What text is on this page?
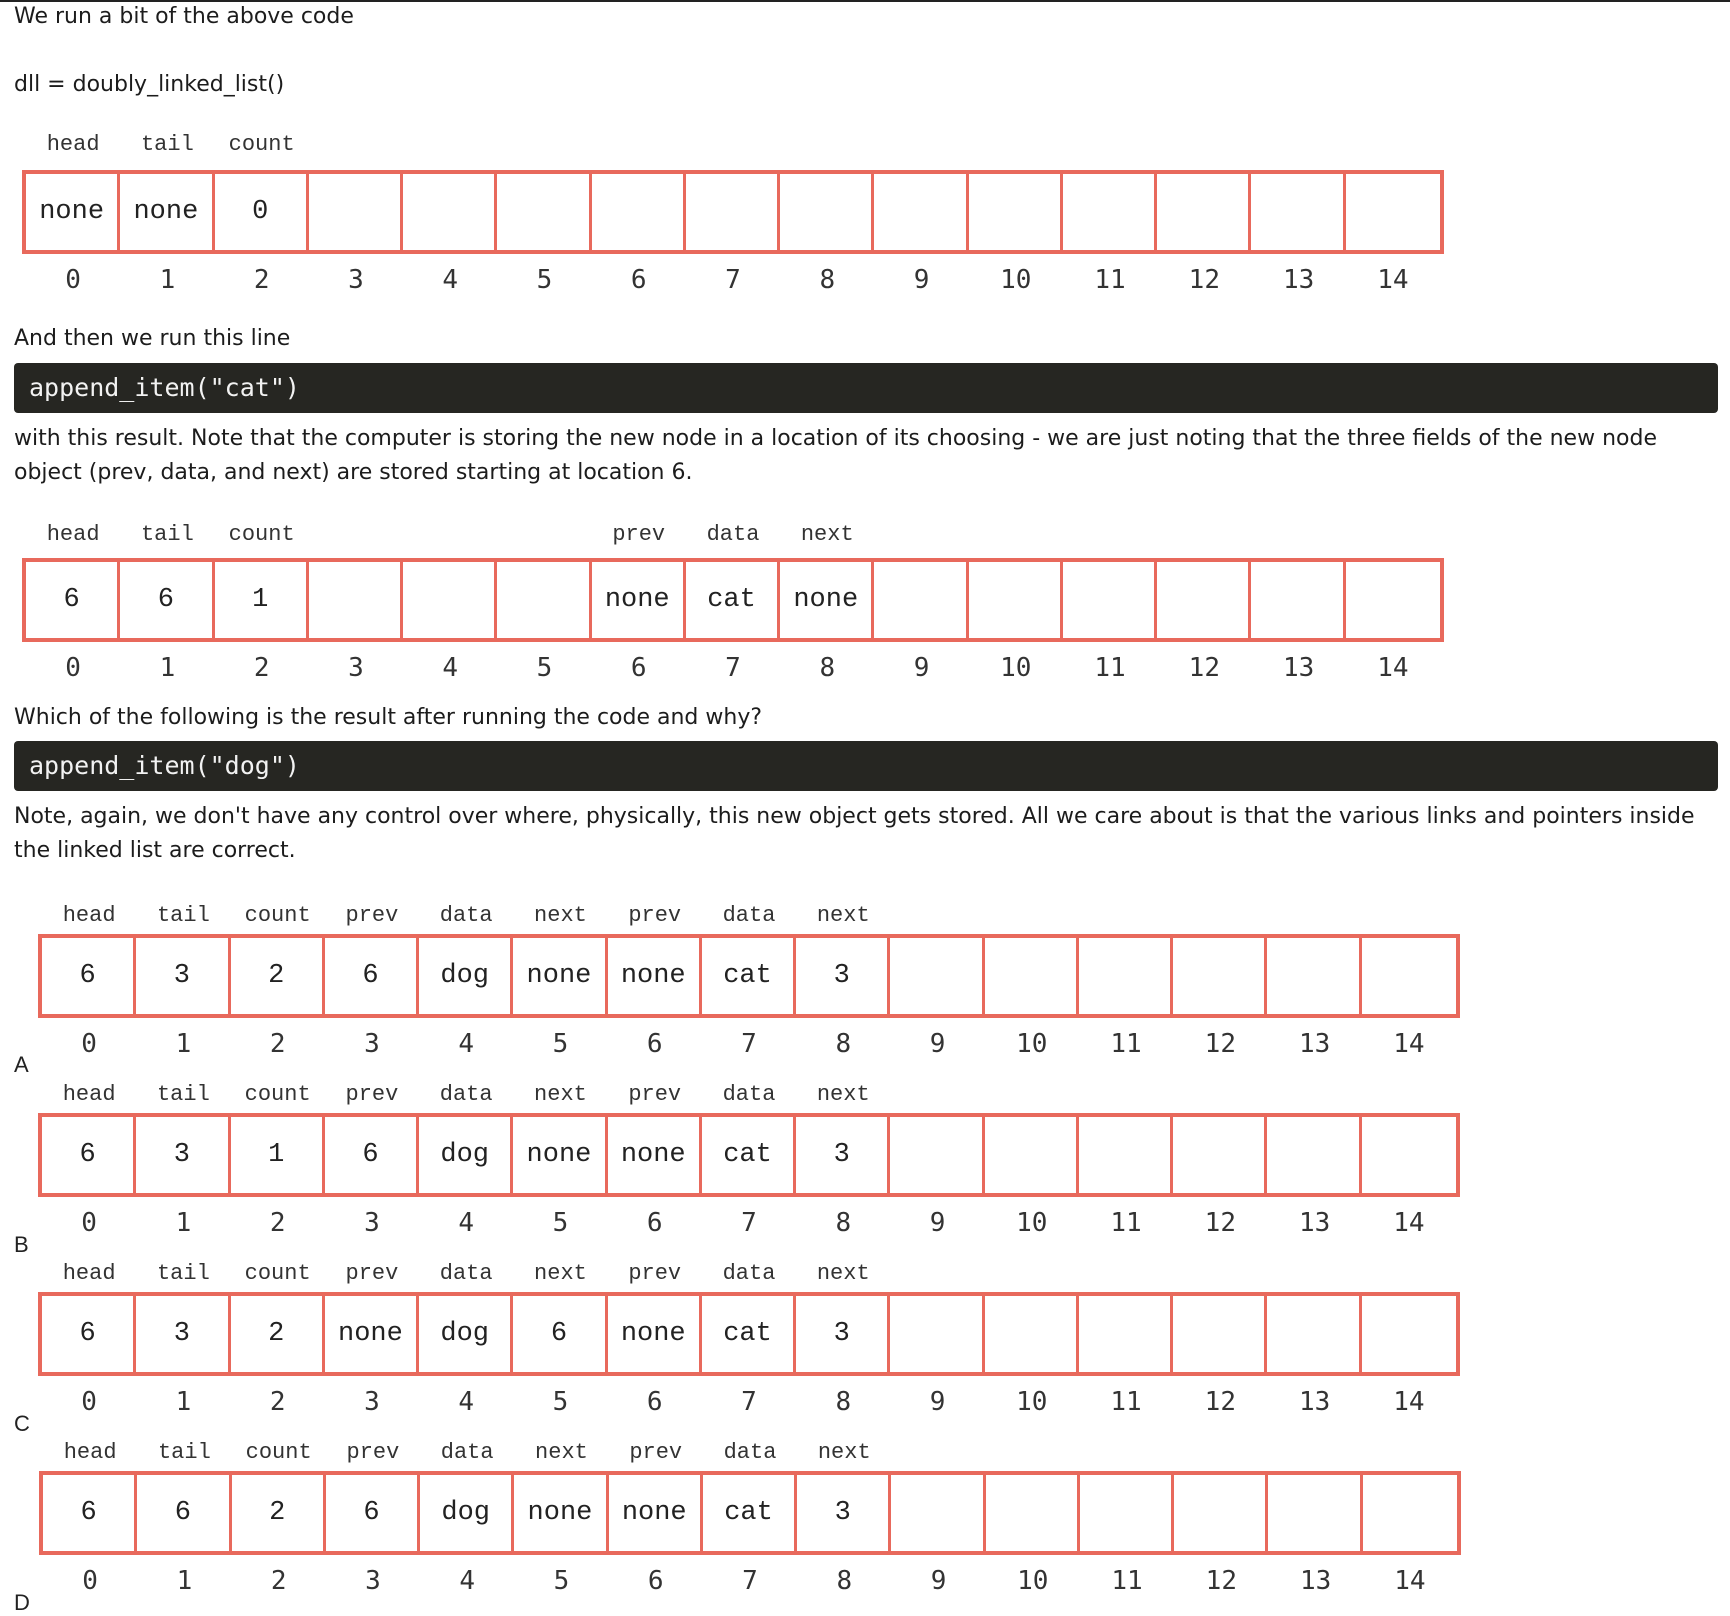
We run a bit of the above code
dll = doubly_linked_list()
And then we run this line
append_item("cat")
with this result. Note that the computer is storing the new node in a location of its choosing - we are just noting that the three fields of the new node object (prev, data, and next) are stored starting at location 6.
Which of the following is the result after running the code and why?
append_item("dog")
Note, again, we don't have any control over where, physically, this new object gets stored. All we care about is that the various links and pointers inside the linked list are correct.
head tail count
none	none	0
0	1	2	3	4	5	6	7	8	9	10 11 12 13 14
head tail count	prev data next
6	6	1	none	cat	none
0	1	2	3	4	5	6	7	8	9	10 11 12 13 14
head tail count prev data next prev data next
6	3	2	6	dog	none	none	cat	3
0	1	2	3	4	5	6	7	8	9	10 11 12 13 14
A
head tail count prev data next prev data next
6	3	1	6	dog	none	none	cat	3
0	1	2	3	4	5	6	7	8	9	10 11 12 13 14
B
head tail count prev data next prev data next
6	3	2	none	dog	6	none	cat	3
0	1	2	3	4	5	6	7	8	9	10 11 12 13 14
C
head tail count prev data next prev data next
6	6	2	6	dog	none	none	cat	3
0	1	2	3	4	5	6	7	8	9	10 11 12 13 14
D
